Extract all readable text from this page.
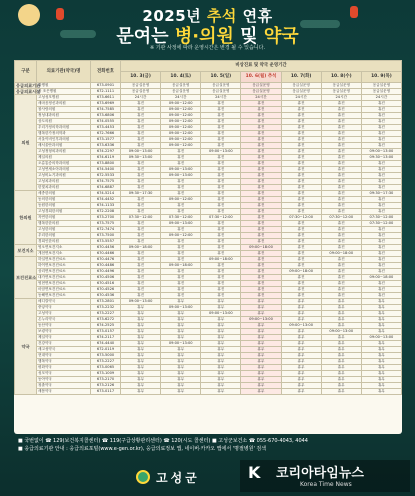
2025년 추석 연휴
문여는 병·의원 및 약국
※ 기관 사정에 따라 운영시간은 변경 될 수 있습니다.
구분	의료기관(약국)명	전화번호	비상진료 및 약국 운영기간						
			10. 3(금)	10. 4(토)	10. 5(일)	10. 6(월) 추석	10. 7(화)	10. 8(수)	10. 9(목)
응급의료기관	강병원	673-0901	응급실운영	응급실운영	응급실운영	응급실운영	응급실운영	응급실운영	응급실운영
응급의료시설	차 조은병원	672-1111	응급실운영	응급실운영	응급실운영	응급실운영	응급실운영	응급실운영	응급실운영
의원	고성성모병원	673-6611	24시간	24시간	24시간	24시간	24시간	24시간	24시간
	새마음정신과의원	673-6969	휴진	09:00~12:00	휴진	휴진	휴진	휴진	휴진
	참사랑의원	674-7585	휴진	09:00~12:00	휴진	휴진	휴진	휴진	휴진
	정성내과의원	673-6806	휴진	09:00~12:00	휴진	휴진	휴진	휴진	휴진
	상도의원	674-0555	휴진	09:00~12:00	휴진	휴진	휴진	휴진	휴진
	우리가정의학과의원	673-4453	휴진	09:00~12:00	휴진	휴진	휴진	휴진	휴진
	행복한가정의학과	672-7666	휴진	09:00~12:00	휴진	휴진	휴진	휴진	휴진
	서울이비인후과의원	673-1577	휴진	09:00~12:00	휴진	휴진	휴진	휴진	휴진
	새서울안과의원	673-6336	휴진	09:00~12:00	휴진	휴진	휴진	휴진	휴진
	고성정형외과의원	674-2297	09:00~13:00	휴진	09:00~13:00	휴진	휴진	휴진	09:00~13:00
	제일의원	674-6119	09:30~13:00	휴진	휴진	휴진	휴진	휴진	09:30~13:00
	오름통증의학과의원	673-8800	휴진	휴진	휴진	휴진	휴진	휴진	휴진
	고성연세소아과의원	674-5400	휴진	09:00~13:00	휴진	휴진	휴진	휴진	휴진
	고성비뇨기과의원	672-5533	휴진	09:00~13:00	휴진	휴진	휴진	휴진	휴진
	고성치과의원	674-7575	휴진	휴진	휴진	휴진	휴진	휴진	휴진
	한빛치과의원	674-6887	휴진	휴진	휴진	휴진	휴진	휴진	휴진
한의원	세종한의원	674-5214	09:30~17:30	휴진	휴진	휴진	휴진	휴진	09:30~17:30
	동의한의원	674-4452	휴진	09:00~12:00	휴진	휴진	휴진	휴진	휴진
	동원한의원	674-1133	휴진	휴진	휴진	휴진	휴진	휴진	휴진
	고성경희한의원	672-2208	휴진	휴진	휴진	휴진	휴진	휴진	휴진
	자연한의원	673-2700	07:30~12:00	07:30~12:00	07:30~12:00	휴진	07:30~12:00	07:30~12:00	07:30~12:00
	행복한한의원	673-7575	휴진	09:00~13:00	휴진	휴진	휴진	휴진	07:30~12:00
	고성한의원	672-7474	휴진	휴진	휴진	휴진	휴진	휴진	휴진
	우리한의원	673-7500	휴진	09:00~12:00	휴진	휴진	휴진	휴진	휴진
	경희인한의원	673-5557	휴진	휴진	휴진	휴진	휴진	휴진	휴진
보건지소	영오면보건지소	670-4456	09:00~18:00	휴진	휴진	09:00~18:00	휴진	휴진	휴진
	개천면보건지소	670-4466	휴진	휴진	휴진	휴진	휴진	09:00~18:00	휴진
보건진료소	하일면보건진료소	670-4476	휴진	휴진	09:00~18:00	휴진	휴진	휴진	휴진
	하이면보건진료소	670-4486	휴진	09:00~18:00	휴진	휴진	휴진	휴진	휴진
	상리면보건진료소	670-4496	휴진	휴진	휴진	휴진	09:00~18:00	휴진	휴진
	대가면보건진료소	670-4506	휴진	휴진	휴진	휴진	휴진	휴진	09:00~18:00
	영현면보건진료소	670-4516	휴진	휴진	휴진	휴진	휴진	휴진	휴진
	마암면보건진료소	670-4526	휴진	휴진	휴진	휴진	휴진	휴진	휴진
	동해면보건진료소	670-4536	휴진	휴진	휴진	휴진	휴진	휴진	휴진
약국	메디칼약국	673-2801	09:00~13:00	휴무	휴무	휴무	휴무	휴무	휴무
	중앙약국	673-2232	휴무	09:00~13:00	휴무	휴무	휴무	휴무	휴무
	고성약국	673-2227	휴무	휴무	09:00~13:00	휴무	휴무	휴무	휴무
	온누리약국	673-6272	휴무	휴무	휴무	09:00~13:00	휴무	휴무	휴무
	동산약국	674-2525	휴무	휴무	휴무	휴무	09:00~13:00	휴무	휴무
	보령약국	673-0157	휴무	휴무	휴무	휴무	휴무	09:00~13:00	휴무
	제일약국	674-2117	휴무	휴무	휴무	휴무	휴무	휴무	09:00~13:00
	건강약국	674-4440	휴무	09:00~13:00	휴무	휴무	휴무	휴무	휴무
	새고성약국	672-0119	휴무	휴무	휴무	휴무	휴무	휴무	휴무
	현대약국	673-5000	휴무	휴무	휴무	휴무	휴무	휴무	휴무
	행복약국	673-2227	휴무	휴무	휴무	휴무	휴무	휴무	휴무
	평화약국	673-0065	휴무	휴무	휴무	휴무	휴무	휴무	휴무
	성모약국	673-1009	휴무	휴무	휴무	휴무	휴무	휴무	휴무
	동아약국	673-2170	휴무	휴무	휴무	휴무	휴무	휴무	휴무
	청춘약국	673-2126	휴무	휴무	휴무	휴무	휴무	휴무	휴무
	새봄약국	673-0117	휴무	휴무	휴무	휴무	휴무	휴무	휴무
■ 국번없이 ☎ 129(보건복지콜센터) ☎ 119(구급상황관리센터) ☎ 120(시도 콜센터) ■ 고성군보건소 ☎ 055-670-4043, 4044
■ 응급의료기관 안내 : 응급의료포털(www.e-gen.or.kr), 응급의료정보 앱, 네이버·카카오 맵에서 '명절병원' 검색
고성군	K 코리아타임뉴스
Korea Time News
